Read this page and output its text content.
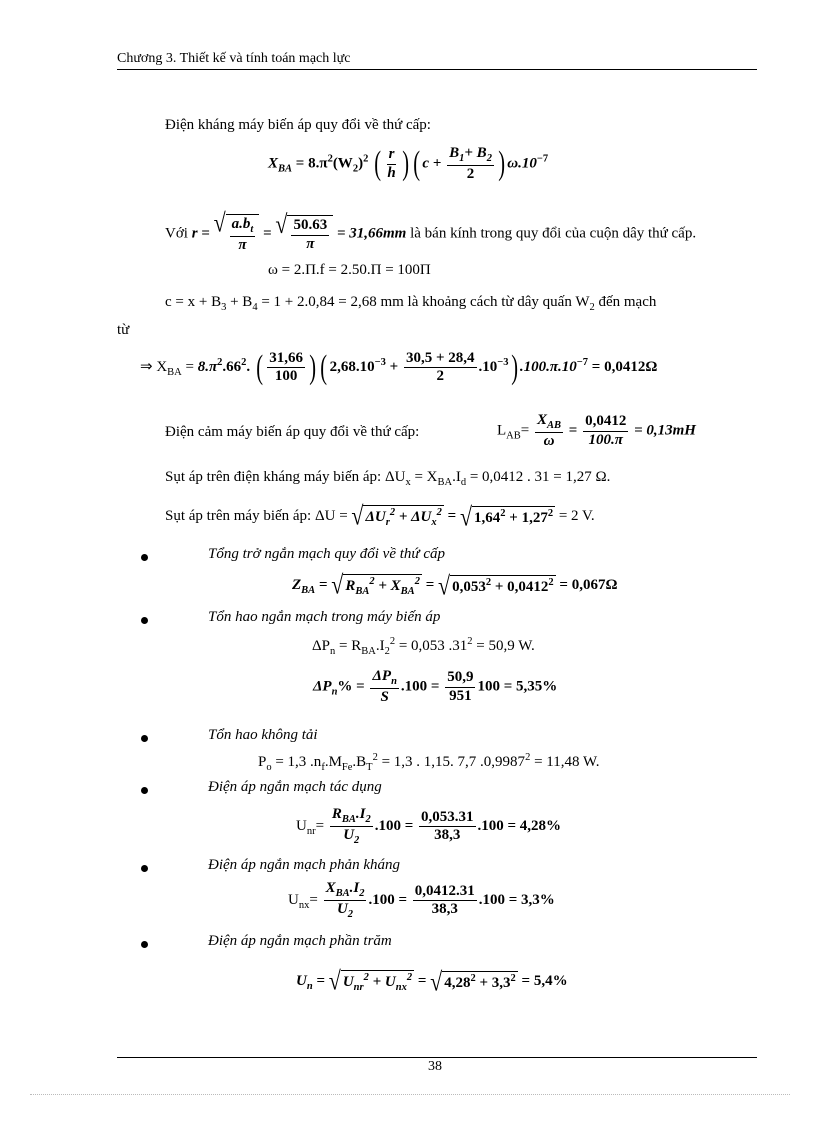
Chương 3. Thiết kế và tính toán mạch lực
Điện kháng máy biến áp quy đổi về thứ cấp:
$X_{BA} = 8.\pi^2(W_2)^2$ ( $\frac{r}{h}$ ) ( $c + \frac{B_1+ B_2}{2}$ ) $\omega.10^{-7}$
Với r = √ $\frac{a.b_t}{\pi}$ = √ $\frac{50.63}{\pi} = 31,66mm$ là bán kính trong quy đổi của cuộn dây thứ cấp.
ω = 2.Π.f = 2.50.Π = 100Π
$c = x + B_3 + B_4 = 1 + 2.0,84 = 2,68$ mm là khoảng cách từ dây quấn $W_2$ đến mạch
từ
⇒ $X_{BA} = 8.\pi^2.66^2$. ( $\frac{31,66}{100}$ ) ( $2,68.10^{-3} + \frac{30,5 + 28,4}{2} .10^{-3}$) $.100.\pi.10^{-7} = 0,0412\Omega$
Điện cảm máy biến áp quy đổi về thứ cấp:	$L_{AB}= \frac{X_{AB}}{\omega} = \frac{0,0412}{100.\pi} = 0,13mH$
Sụt áp trên điện kháng máy biến áp: $\Delta U_x = X_{BA}.I_d = 0,0412$ . 31 = 1,27 Ω.
Sụt áp trên máy biến áp: ΔU = √ $\Delta U_r^2 + \Delta U_x^2$ = √ $1,64^2 + 1,27^2 = 2$ V.
Tổng trở ngắn mạch quy đổi về thứ cấp
$Z_{BA}$ = √ $R_{BA}^2 + X_{BA}^2$ = √ $0,053^2 + 0,0412^2 = 0,067\Omega$
Tổn hao ngắn mạch trong máy biến áp
$\Delta P_n = R_{BA}.I_2^2 = 0,053$ $.31^2 = 50,9$ W.
$\Delta P_n\% = \frac{\Delta P_n}{S} .100 = \frac{50,9}{951} 100 = 5,35\%$
Tổn hao không tải
$P_o = 1,3$ $.n_f.M_{Fe}.B_T^2 = 1,3$ . 1,15. 7,7 $.0,9987^2 = 11,48$ W.
Điện áp ngắn mạch tác dụng
$U_{nr}= \frac{R_{BA}.I_2}{U_2} .100 = \frac{0,053.31}{38,3} .100 = 4,28\%$
Điện áp ngắn mạch phản kháng
$U_{nx}= \frac{X_{BA}.I_2}{U_2} .100 = \frac{0,0412.31}{38,3} .100 = 3,3\%$
Điện áp ngắn mạch phần trăm
$U_n$ = √ $U_{nr}^2 + U_{nx}^2$ = √ $4,28^2 + 3,3^2 = 5,4\%$
38
